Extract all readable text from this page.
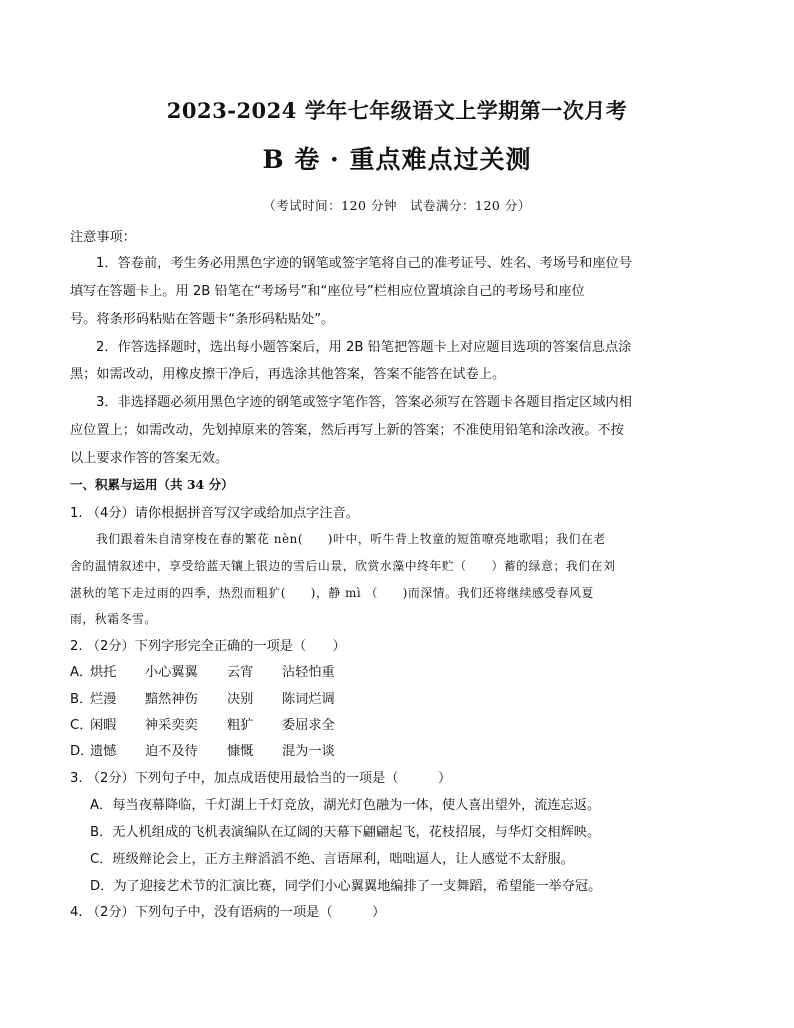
2023-2024 学年七年级语文上学期第一次月考
B 卷 · 重点难点过关测
（考试时间：120 分钟　试卷满分：120 分）
注意事项：
1．答卷前，考生务必用黑色字迹的钢笔或签字笔将自己的准考证号、姓名、考场号和座位号
填写在答题卡上。用 2B 铅笔在“考场号”和“座位号”栏相应位置填涂自己的考场号和座位
号。将条形码粘贴在答题卡“条形码粘贴处”。
2．作答选择题时，选出每小题答案后，用 2B 铅笔把答题卡上对应题目选项的答案信息点涂
黑；如需改动，用橡皮擦干净后，再选涂其他答案，答案不能答在试卷上。
3．非选择题必须用黑色字迹的钢笔或签字笔作答，答案必须写在答题卡各题目指定区域内相
应位置上；如需改动，先划掉原来的答案，然后再写上新的答案；不准使用铅笔和涂改液。不按
以上要求作答的答案无效。
一、积累与运用（共 34 分）
1. （4分）请你根据拼音写汉字或给加点字注音。
我们跟着朱自清穿梭在春的繁花 nèn(　　)叶中，听牛背上牧童的短笛嘹亮地歌唱；我们在老
舍的温情叙述中，享受给蓝天镶上银边的雪后山景，欣赏水藻中终年贮（　　）蓄的绿意；我们在刘
湛秋的笔下走过雨的四季，热烈而粗犷(　　)，静 mì （　　)而深情。我们还将继续感受春风夏
雨，秋霜冬雪。
2. （2分）下列字形完全正确的一项是（　　）
A．
烘托 小心翼翼 云宵 沾轻怕重
B．
烂漫 黯然神伤 决别 陈词烂调
C．
闲暇 神采奕奕 粗犷 委屈求全
D．
遗憾 迫不及待 慷慨 混为一谈
3. （2分）下列句子中，加点成语使用最恰当的一项是（　　　）
A．每当夜幕降临，千灯湖上千灯竞放，湖光灯色融为一体，使人喜出望外，流连忘返。
B．无人机组成的飞机表演编队在辽阔的天幕下翩翩起飞，花枝招展，与华灯交相辉映。
C．班级辩论会上，正方主辩滔滔不绝、言语犀利，咄咄逼人，让人感觉不太舒服。
D．为了迎接艺术节的汇演比赛，同学们小心翼翼地编排了一支舞蹈，希望能一举夺冠。
4. （2分）下列句子中，没有语病的一项是（　　　）
